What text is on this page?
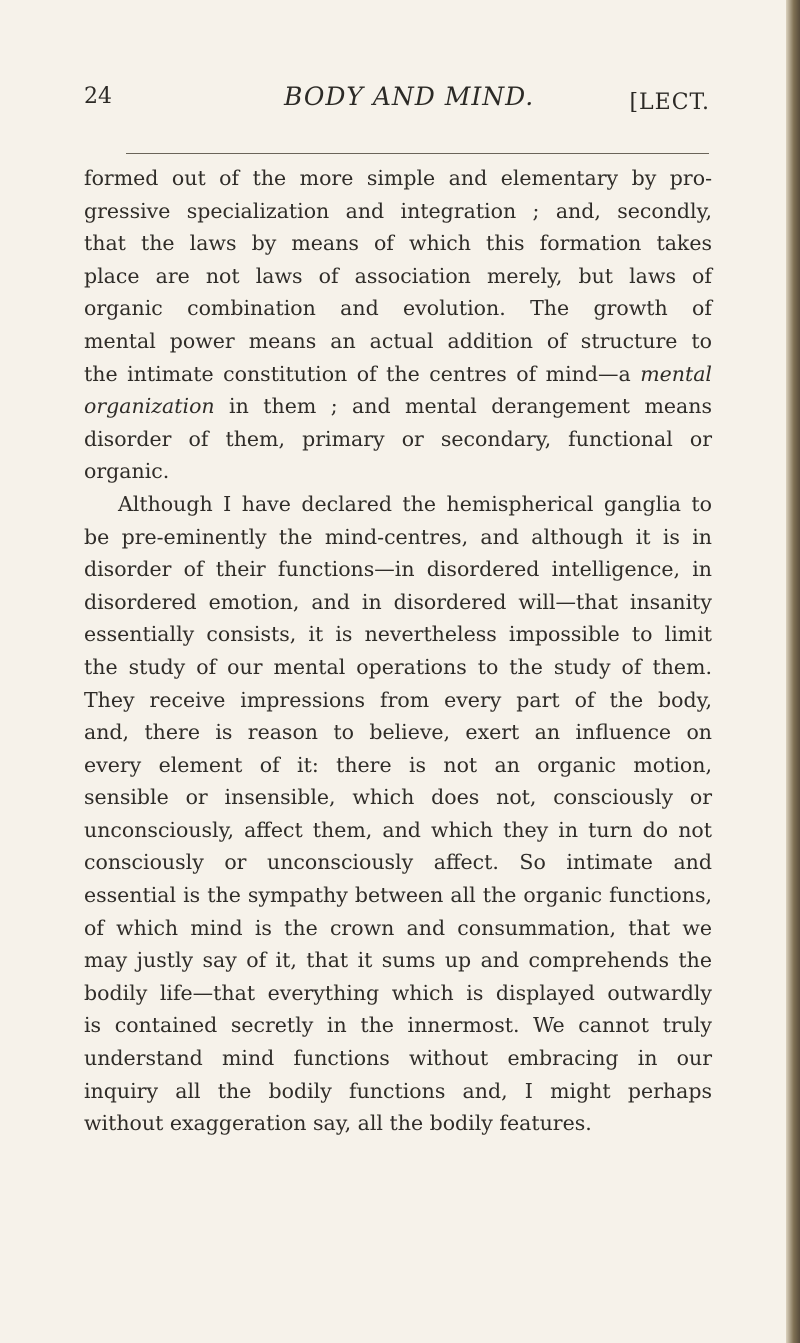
24	BODY AND MIND.	[LECT.
formed out of the more simple and elementary by pro-
gressive specialization and integration ; and, secondly,
that the laws by means of which this formation takes
place are not laws of association merely, but laws of
organic combination and evolution. The growth of
mental power means an actual addition of structure to
the intimate constitution of the centres of mind—a mental
organization in them ; and mental derangement means
disorder of them, primary or secondary, functional or
organic.
Although I have declared the hemispherical ganglia to
be pre-eminently the mind-centres, and although it is in
disorder of their functions—in disordered intelligence, in
disordered emotion, and in disordered will—that insanity
essentially consists, it is nevertheless impossible to limit
the study of our mental operations to the study of them.
They receive impressions from every part of the body,
and, there is reason to believe, exert an influence on
every element of it: there is not an organic motion,
sensible or insensible, which does not, consciously or
unconsciously, affect them, and which they in turn do not
consciously or unconsciously affect. So intimate and
essential is the sympathy between all the organic functions,
of which mind is the crown and consummation, that we
may justly say of it, that it sums up and comprehends the
bodily life—that everything which is displayed outwardly
is contained secretly in the innermost. We cannot truly
understand mind functions without embracing in our
inquiry all the bodily functions and, I might perhaps
without exaggeration say, all the bodily features.
